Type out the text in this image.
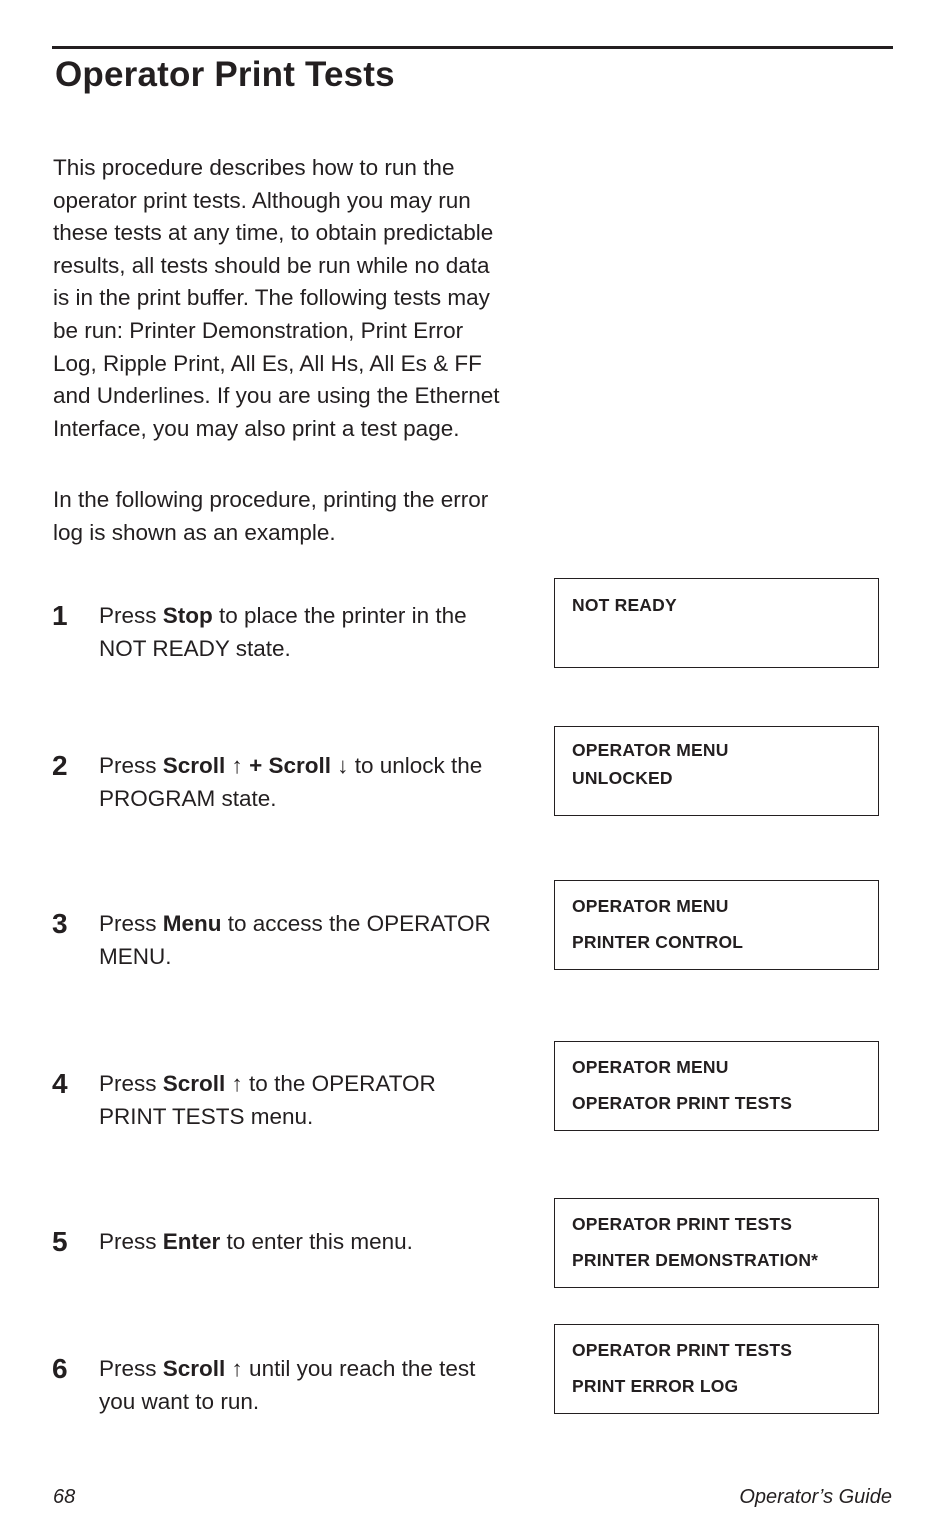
Operator Print Tests
This procedure describes how to run the
operator print tests. Although you may run
these tests at any time, to obtain predictable
results, all tests should be run while no data
is in the print buffer. The following tests may
be run: Printer Demonstration, Print Error
Log, Ripple Print, All Es, All Hs, All Es & FF
and Underlines. If you are using the Ethernet
Interface, you may also print a test page.
In the following procedure, printing the error
log is shown as an example.
1 Press Stop to place the printer in the
NOT READY state.
NOT READY
2 Press Scroll ↑ + Scroll ↓ to unlock the
PROGRAM state.
OPERATOR MENU
UNLOCKED
3 Press Menu to access the OPERATOR
MENU.
OPERATOR MENU
PRINTER CONTROL
4 Press Scroll ↑ to the OPERATOR
PRINT TESTS menu.
OPERATOR MENU
OPERATOR PRINT TESTS
5 Press Enter to enter this menu.
OPERATOR PRINT TESTS
PRINTER DEMONSTRATION*
6 Press Scroll ↑ until you reach the test
you want to run.
OPERATOR PRINT TESTS
PRINT ERROR LOG
68	Operator’s Guide
